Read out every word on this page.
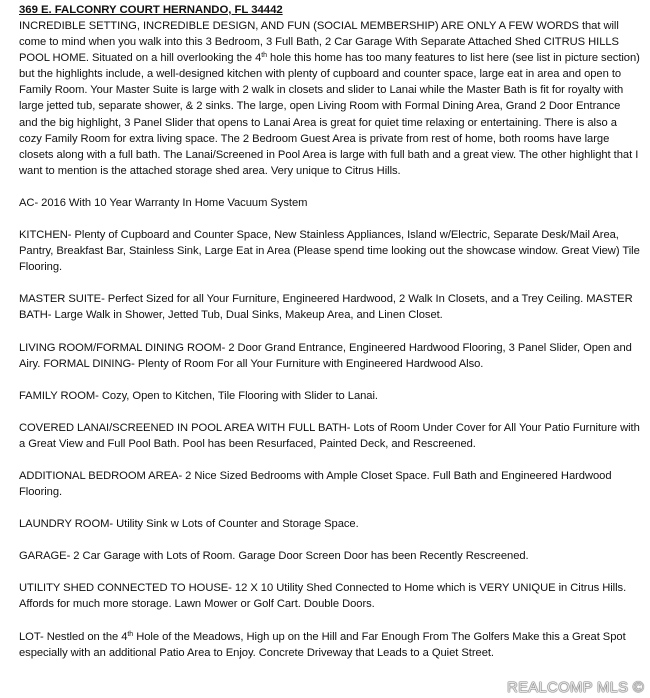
369 E. FALCONRY COURT HERNANDO, FL 34442

INCREDIBLE SETTING, INCREDIBLE DESIGN, AND FUN (SOCIAL MEMBERSHIP) ARE ONLY A FEW WORDS that will come to mind when you walk into this 3 Bedroom, 3 Full Bath, 2 Car Garage With Separate Attached Shed CITRUS HILLS POOL HOME. Situated on a hill overlooking the 4th hole this home has too many features to list here (see list in picture section) but the highlights include, a well-designed kitchen with plenty of cupboard and counter space, large eat in area and open to Family Room. Your Master Suite is large with 2 walk in closets and slider to Lanai while the Master Bath is fit for royalty with large jetted tub, separate shower, & 2 sinks. The large, open Living Room with Formal Dining Area, Grand 2 Door Entrance and the big highlight, 3 Panel Slider that opens to Lanai Area is great for quiet time relaxing or entertaining. There is also a cozy Family Room for extra living space. The 2 Bedroom Guest Area is private from rest of home, both rooms have large closets along with a full bath. The Lanai/Screened in Pool Area is large with full bath and a great view. The other highlight that I want to mention is the attached storage shed area. Very unique to Citrus Hills.

AC- 2016 With 10 Year Warranty In Home Vacuum System

KITCHEN- Plenty of Cupboard and Counter Space, New Stainless Appliances, Island w/Electric, Separate Desk/Mail Area, Pantry, Breakfast Bar, Stainless Sink, Large Eat in Area (Please spend time looking out the showcase window. Great View) Tile Flooring.

MASTER SUITE- Perfect Sized for all Your Furniture, Engineered Hardwood, 2 Walk In Closets, and a Trey Ceiling. MASTER BATH- Large Walk in Shower, Jetted Tub, Dual Sinks, Makeup Area, and Linen Closet.

LIVING ROOM/FORMAL DINING ROOM- 2 Door Grand Entrance, Engineered Hardwood Flooring, 3 Panel Slider, Open and Airy. FORMAL DINING- Plenty of Room For all Your Furniture with Engineered Hardwood Also.

FAMILY ROOM- Cozy, Open to Kitchen, Tile Flooring with Slider to Lanai.

COVERED LANAI/SCREENED IN POOL AREA WITH FULL BATH- Lots of Room Under Cover for All Your Patio Furniture with a Great View and Full Pool Bath. Pool has been Resurfaced, Painted Deck, and Rescreened.

ADDITIONAL BEDROOM AREA- 2 Nice Sized Bedrooms with Ample Closet Space. Full Bath and Engineered Hardwood Flooring.

LAUNDRY ROOM- Utility Sink w Lots of Counter and Storage Space.

GARAGE- 2 Car Garage with Lots of Room. Garage Door Screen Door has been Recently Rescreened.

UTILITY SHED CONNECTED TO HOUSE- 12 X 10 Utility Shed Connected to Home which is VERY UNIQUE in Citrus Hills. Affords for much more storage. Lawn Mower or Golf Cart. Double Doors.

LOT- Nestled on the 4th Hole of the Meadows, High up on the Hill and Far Enough From The Golfers Make this a Great Spot especially with an additional Patio Area to Enjoy. Concrete Driveway that Leads to a Quiet Street.

REALCOMP MLS ©
